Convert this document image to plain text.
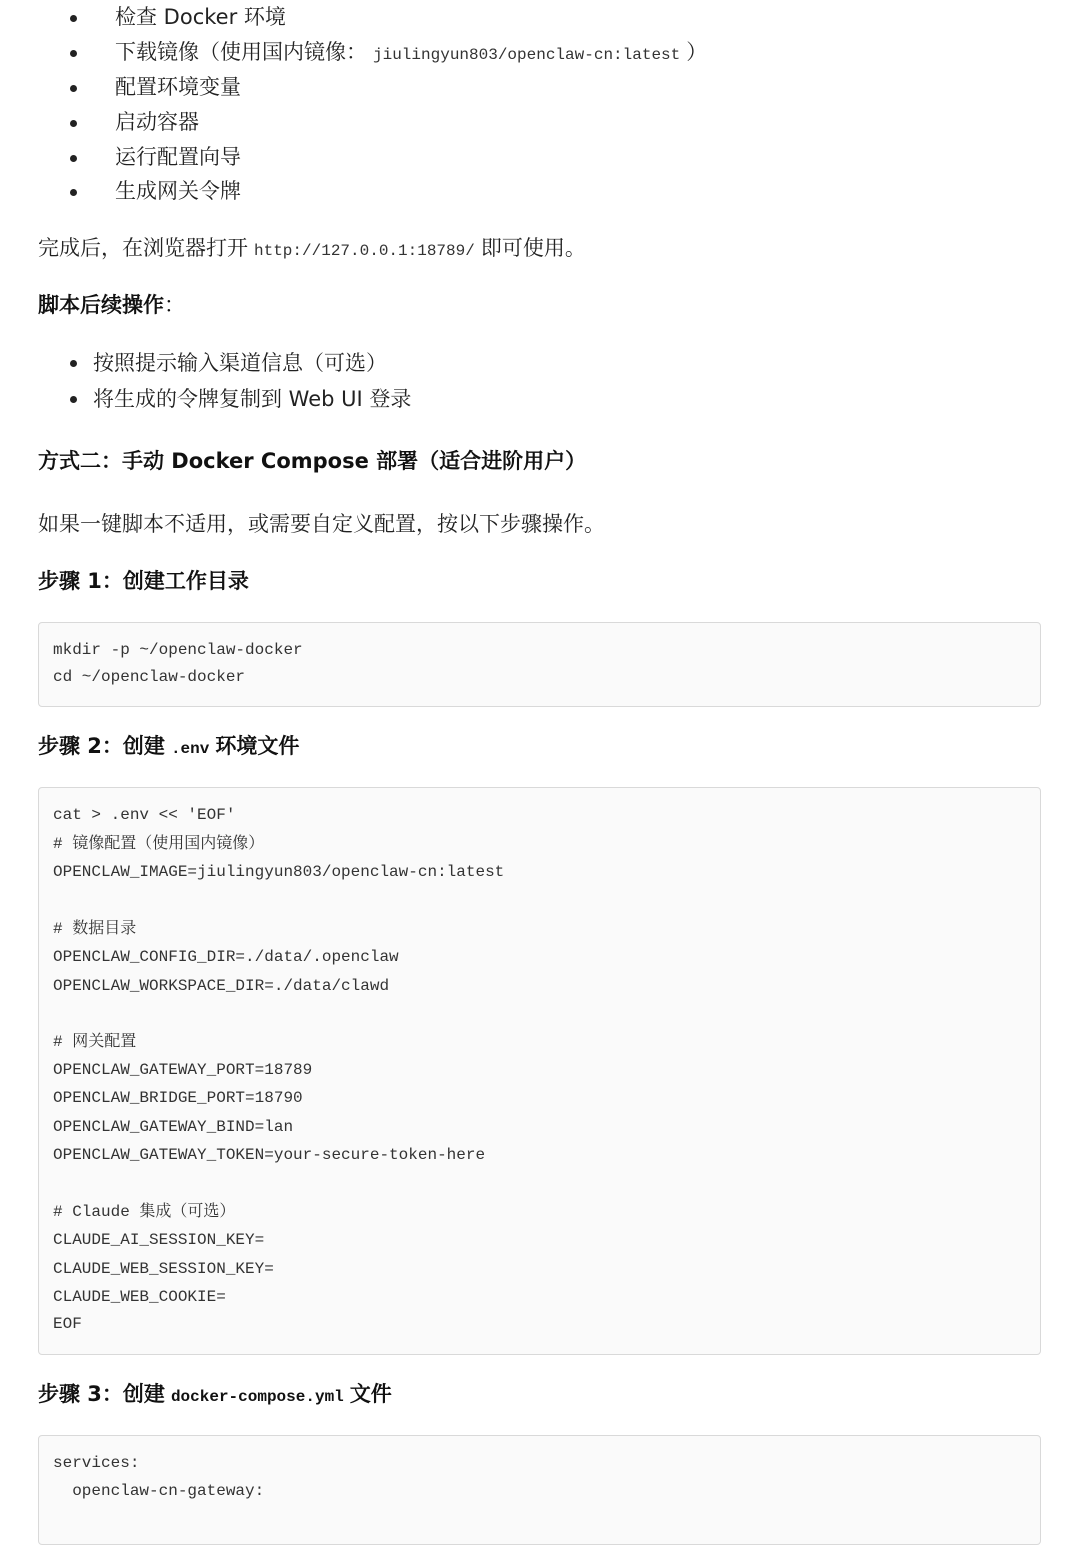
检查 Docker 环境
下载镜像（使用国内镜像： jiulingyun803/openclaw-cn:latest ）
配置环境变量
启动容器
运行配置向导
生成网关令牌
完成后，在浏览器打开 http://127.0.0.1:18789/ 即可使用。
脚本后续操作：
按照提示输入渠道信息（可选）
将生成的令牌复制到 Web UI 登录
方式二：手动 Docker Compose 部署（适合进阶用户）
如果一键脚本不适用，或需要自定义配置，按以下步骤操作。
步骤 1：创建工作目录
mkdir -p ~/openclaw-docker
cd ~/openclaw-docker
步骤 2：创建 .env 环境文件
cat > .env << 'EOF'
# 镜像配置（使用国内镜像）
OPENCLAW_IMAGE=jiulingyun803/openclaw-cn:latest
# 数据目录
OPENCLAW_CONFIG_DIR=./data/.openclaw
OPENCLAW_WORKSPACE_DIR=./data/clawd
# 网关配置
OPENCLAW_GATEWAY_PORT=18789
OPENCLAW_BRIDGE_PORT=18790
OPENCLAW_GATEWAY_BIND=lan
OPENCLAW_GATEWAY_TOKEN=your-secure-token-here
# Claude 集成（可选）
CLAUDE_AI_SESSION_KEY=
CLAUDE_WEB_SESSION_KEY=
CLAUDE_WEB_COOKIE=
EOF
步骤 3：创建 docker-compose.yml 文件
services:
openclaw-cn-gateway:
